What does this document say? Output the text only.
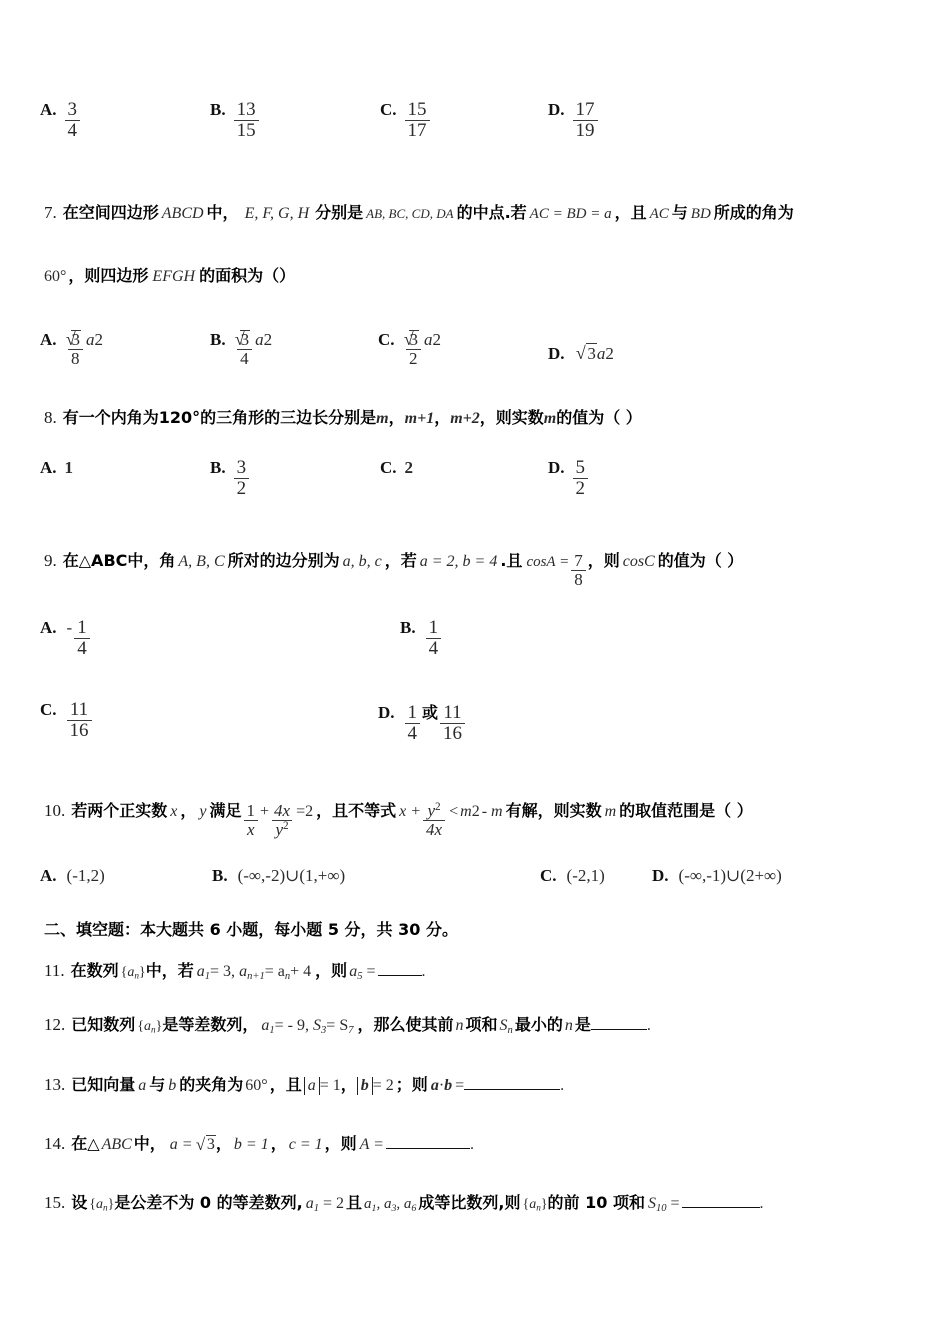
A. $\frac{3}{4}$	B. $\frac{13}{15}$	C. $\frac{15}{17}$	D. $\frac{17}{19}$
7. 在空间四边形 ABCD 中， E, F, G, H 分别是 AB, BC, CD, DA 的中点.若 AC = BD = a ，且 AC 与 BD 所成的角为
60 ° ，则四边形 EFGH 的面积为（）
A. √ $\frac{3}{8}$ a 2	B. √ $\frac{3}{4}$ a 2	C. √ $\frac{3}{2}$ a 2
D.	√ 3 a 2
8. 有一个内角为120°的三角形的三边长分别是 m ， m+1 ， m+2 ，则实数 m 的值为（ ）
A. 1	B. $\frac{3}{2}$	C. 2	D. $\frac{5}{2}$
9. 在△ABC中，角 A, B, C 所对的边分别为 a, b, c ，若 a = 2, b = 4 .且 $\cos A = \frac{7}{8}$ ，则 cosC 的值为（ ）
A. - $\frac{1}{4}$	B. $\frac{1}{4}$
C. $\frac{11}{16}$	D. $\frac{1}{4}$ 或 $\frac{11}{16}$
10. 若两个正实数 x ， y 满足 $\frac{1}{x} + \frac{4x}{y^2} =2$ ，且不等式 $x + \frac{y^2}{4x} < m$ 2 - m 有解，则实数 m 的取值范围是（ ）
A. (-1,2)	B. (-∞,-2)∪(1,+∞)	C. (-2,1)	D. (-∞,-1)∪(2+∞)
二、填空题：本大题共 6 小题，每小题 5 分，共 30 分。
11. 在数列 $\{a_n\}$ 中，若 $a_1= 3$, $a_{n+1}= a_n+ 4$ ，则 $a_5$ =	.
12. 已知数列 $\{a_n\}$ 是等差数列， $a_1= - 9$, $S_3= S_7$ ，那么使其前 n 项和 $S_n$ 最小的 n 是	.
13. 已知向量 a 与 b 的夹角为 60 ° ，且 a = 1 ， b = 2 ；则 a · b =	.
14. 在△ ABC 中， a = √ 3 ， b = 1 ， c = 1 ，则 A =	.
15. 设 $\{a_n\}$ 是公差不为 0 的等差数列, $a_1 = 2$ 且 $a_1$, $a_3$, $a_6$ 成等比数列,则 $\{a_n\}$ 的前 10 项和 $S_{10}$ =	.
